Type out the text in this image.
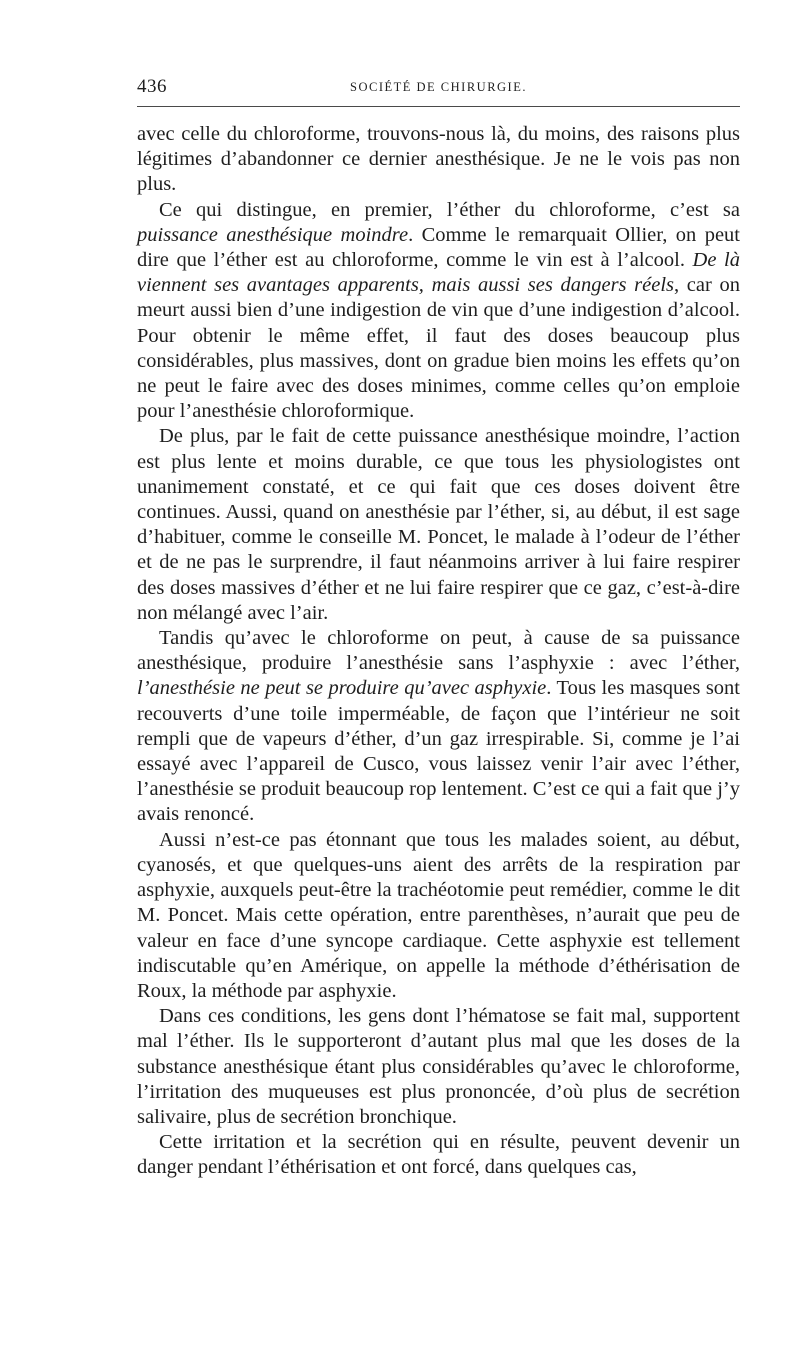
436	SOCIÉTÉ DE CHIRURGIE.

avec celle du chloroforme, trouvons-nous là, du moins, des raisons plus légitimes d’abandonner ce dernier anesthésique. Je ne le vois pas non plus.

Ce qui distingue, en premier, l’éther du chloroforme, c’est sa puissance anesthésique moindre. Comme le remarquait Ollier, on peut dire que l’éther est au chloroforme, comme le vin est à l’alcool. De là viennent ses avantages apparents, mais aussi ses dangers réels, car on meurt aussi bien d’une indigestion de vin que d’une indigestion d’alcool. Pour obtenir le même effet, il faut des doses beaucoup plus considérables, plus massives, dont on gradue bien moins les effets qu’on ne peut le faire avec des doses minimes, comme celles qu’on emploie pour l’anesthésie chloroformique.

De plus, par le fait de cette puissance anesthésique moindre, l’action est plus lente et moins durable, ce que tous les physiologistes ont unanimement constaté, et ce qui fait que ces doses doivent être continues. Aussi, quand on anesthésie par l’éther, si, au début, il est sage d’habituer, comme le conseille M. Poncet, le malade à l’odeur de l’éther et de ne pas le surprendre, il faut néanmoins arriver à lui faire respirer des doses massives d’éther et ne lui faire respirer que ce gaz, c’est-à-dire non mélangé avec l’air.

Tandis qu’avec le chloroforme on peut, à cause de sa puissance anesthésique, produire l’anesthésie sans l’asphyxie : avec l’éther, l’anesthésie ne peut se produire qu’avec asphyxie. Tous les masques sont recouverts d’une toile imperméable, de façon que l’intérieur ne soit rempli que de vapeurs d’éther, d’un gaz irrespirable. Si, comme je l’ai essayé avec l’appareil de Cusco, vous laissez venir l’air avec l’éther, l’anesthésie se produit beaucoup rop lentement. C’est ce qui a fait que j’y avais renoncé.

Aussi n’est-ce pas étonnant que tous les malades soient, au début, cyanosés, et que quelques-uns aient des arrêts de la respiration par asphyxie, auxquels peut-être la trachéotomie peut remédier, comme le dit M. Poncet. Mais cette opération, entre parenthèses, n’aurait que peu de valeur en face d’une syncope cardiaque. Cette asphyxie est tellement indiscutable qu’en Amérique, on appelle la méthode d’éthérisation de Roux, la méthode par asphyxie.

Dans ces conditions, les gens dont l’hématose se fait mal, supportent mal l’éther. Ils le supporteront d’autant plus mal que les doses de la substance anesthésique étant plus considérables qu’avec le chloroforme, l’irritation des muqueuses est plus prononcée, d’où plus de secrétion salivaire, plus de secrétion bronchique.

Cette irritation et la secrétion qui en résulte, peuvent devenir un danger pendant l’éthérisation et ont forcé, dans quelques cas,
